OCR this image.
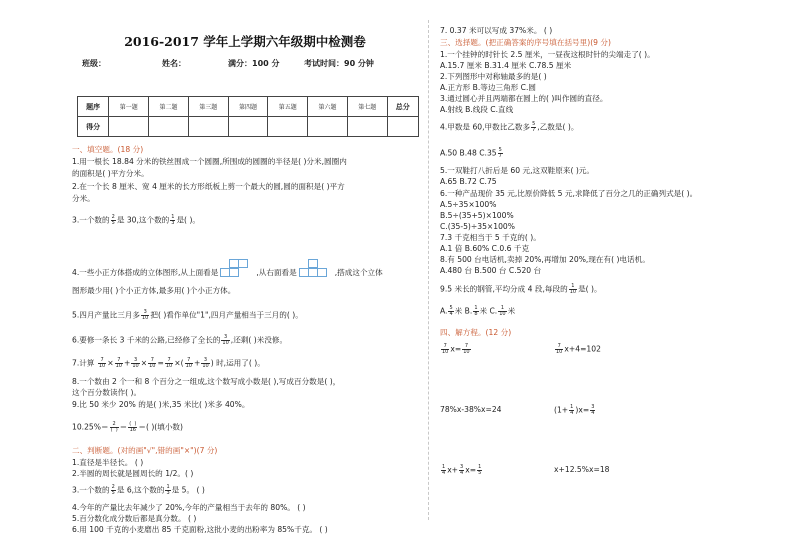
2016-2017 学年上学期六年级期中检测卷
班级：	姓名：	满分：100 分	考试时间：90 分钟
题序	第一题	第二题	第三题	第四题	第五题	第六题	第七题	总分
得分								
一、填空题。(18 分)
1.用一根长 18.84 分米的铁丝围成一个圆圈,所围成的圆圈的半径是( )分米,圆圈内
的面积是( )平方分米。
2.在一个长 8 厘米、宽 4 厘米的长方形纸板上剪一个最大的圆,圆的面积是( )平方
分米。
3.一个数的 $\frac{2}{5}$ 是 30,这个数的 $\frac{1}{3}$ 是( )。
4.一些小正方体搭成的立体图形,从上面看是	,从右面看是	,搭成这个立体
图形最少用( )个小正方体,最多用( )个小正方体。
5.四月产量比三月多 $\frac{3}{10}$ 把( )看作单位"1",四月产量相当于三月的( )。
6.要修一条长 3 千米的公路,已经修了全长的 $\frac{3}{10}$ ,还剩( )米没修。
7.计算 $\frac{7}{10} \times \frac{7}{10} + \frac{3}{10} \times \frac{7}{10} = \frac{7}{10}$ ×( $\frac{7}{10} + \frac{3}{10}$ ) 时,运用了( )。
8.一个数由 2 个一和 8 个百分之一组成,这个数写成小数是( ),写成百分数是( )，
这个百分数读作( )。
9.比 50 米少 20% 的是( )米,35 米比( )米多 40%。
$10.25\%= \frac{2}{( )} = \frac{( )}{16}$ ＝( )(填小数)
二、判断题。(对的画"√",错的画"×")(7 分)
1.直径是半径长。 ( )
2.半圆的周长就是圆周长的 1/2。( )
3.一个数的 $\frac{2}{5}$ 是 6,这个数的 $\frac{1}{3}$ 是 5。 ( )
4.今年的产量比去年减少了 20%,今年的产量相当于去年的 80%。 ( )
5.百分数化成分数后都是真分数。 ( )
6.用 100 千克的小麦磨出 85 千克面粉,这批小麦的出粉率为 85%千克。 ( )
7. 0.37 米可以写成 37%米。 ( )
三、选择题。(把正确答案的序号填在括号里)(9 分)
1.一个挂钟的时针长 2.5 厘米，一昼夜这根时针的尖端走了( )。
A.15.7 厘米 B.31.4 厘米 C.78.5 厘米
2.下列图形中对称轴最多的是( )
A.正方形 B.等边三角形 C.圆
3.通过圆心并且两端都在圆上的( )叫作圆的直径。
A.射线 B.线段 C.直线
4.甲数是 60,甲数比乙数多 $\frac{5}{7}$ ,乙数是( )。
A.50 B.48 $C.35 \frac{5}{7}$
5.一双鞋打八折后是 60 元,这双鞋原来( )元。
A.65 B.72 C.75
6.一种产品现价 35 元,比原价降低 5 元,求降低了百分之几的正确列式是( )。
A.5÷35×100%
B.5÷(35+5)×100%
C.(35-5)÷35×100%
7.3 千克相当于 5 千克的( )。
A.1 倍 B.60% C.0.6 千克
8.有 500 台电话机,卖掉 20%,再增加 20%,现在有( )电话机。
A.480 台 B.500 台 C.520 台
9.5 米长的钢管,平均分成 4 段,每段的 $\frac{1}{10}$ 是( )。
A. $\frac{5}{4}$ 米 B. $\frac{1}{8}$ 米 C. $\frac{1}{10}$ 米
四、解方程。(12 分)
$\frac{7}{10} x= \frac{7}{10}$	$\frac{7}{10} x+4=102$
78%x-38%x=24	$(1+ \frac{1}{4} )x= \frac{3}{4}$
$\frac{1}{4} x+ \frac{3}{4} x= \frac{1}{5}$	x+12.5%x=18
